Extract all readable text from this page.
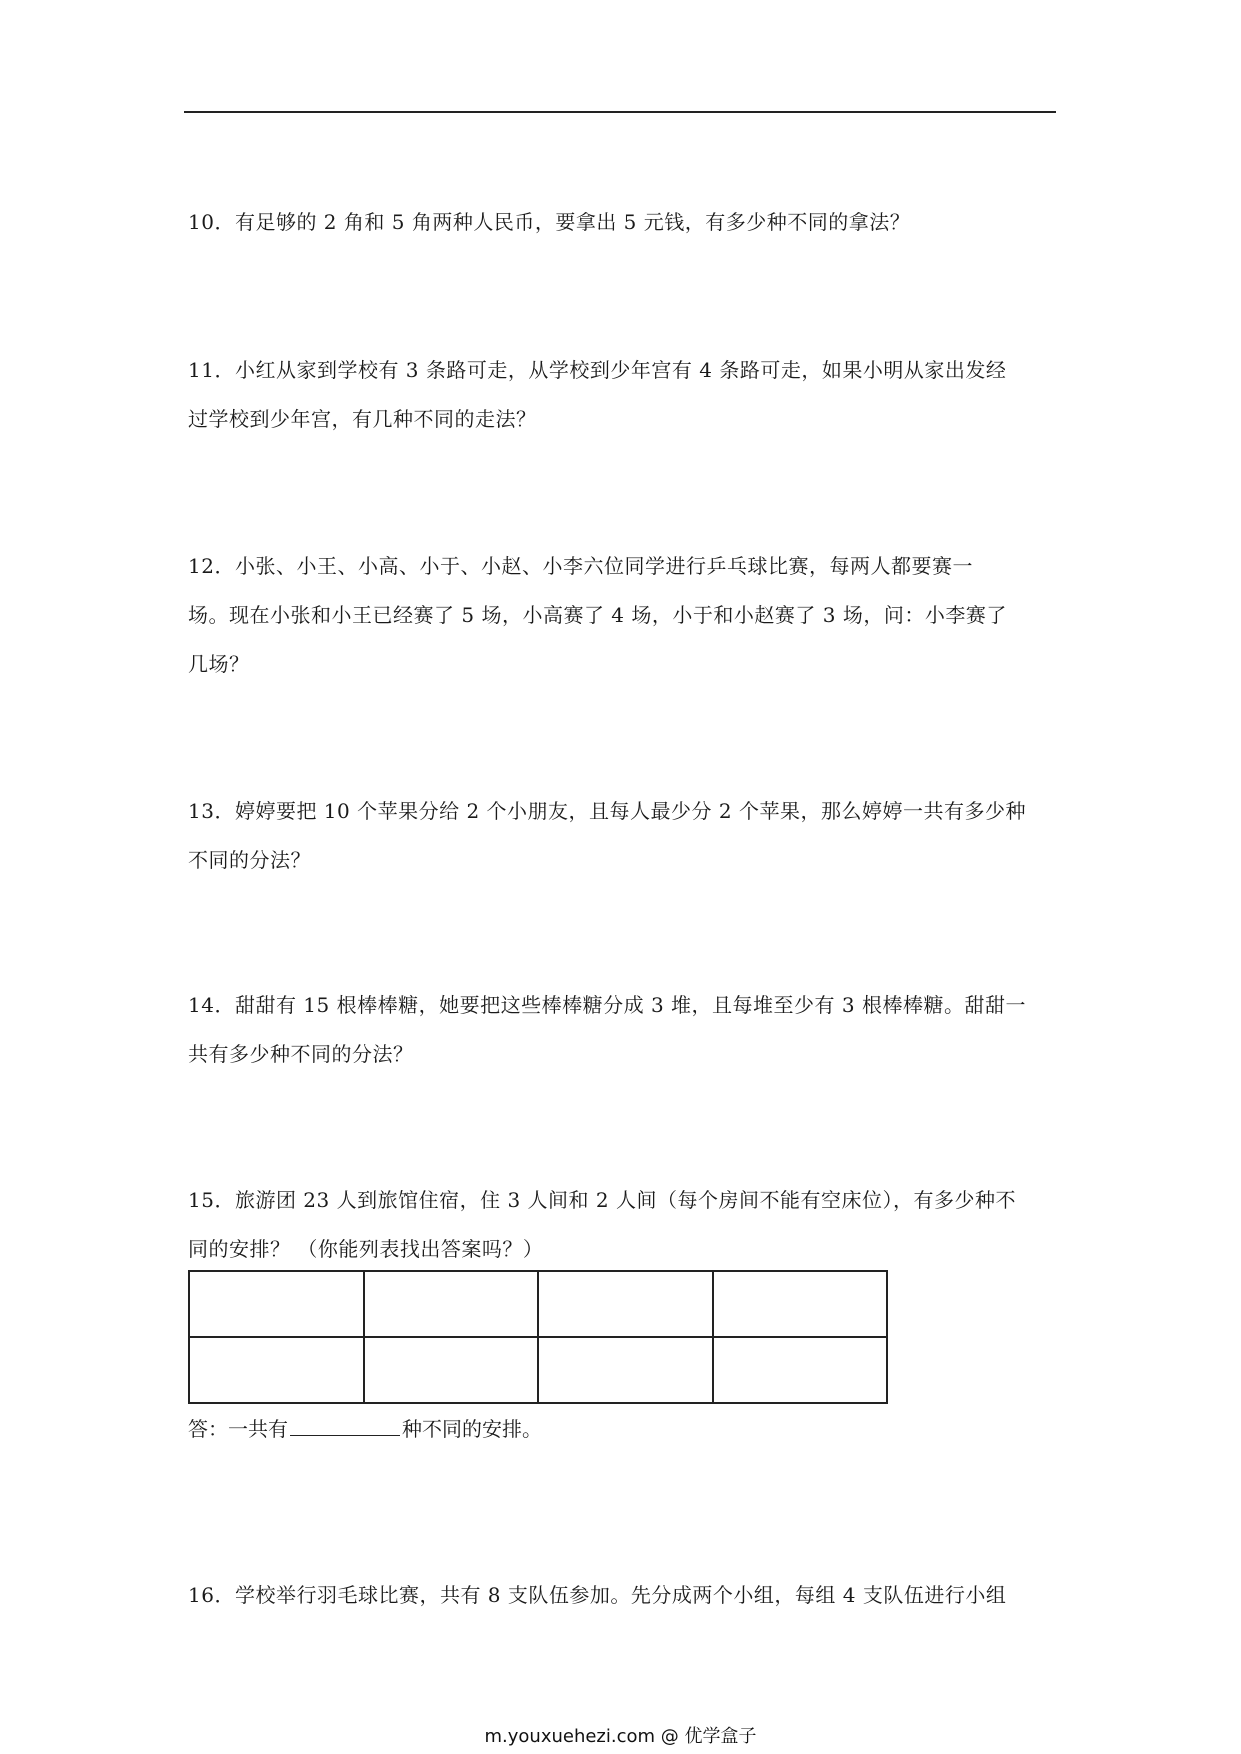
10．有足够的 2 角和 5 角两种人民币，要拿出 5 元钱，有多少种不同的拿法？
11．小红从家到学校有 3 条路可走，从学校到少年宫有 4 条路可走，如果小明从家出发经
过学校到少年宫，有几种不同的走法？
12．小张、小王、小高、小于、小赵、小李六位同学进行乒乓球比赛，每两人都要赛一
场。现在小张和小王已经赛了 5 场，小高赛了 4 场，小于和小赵赛了 3 场，问：小李赛了
几场？
13．婷婷要把 10 个苹果分给 2 个小朋友，且每人最少分 2 个苹果，那么婷婷一共有多少种
不同的分法？
14．甜甜有 15 根棒棒糖，她要把这些棒棒糖分成 3 堆，且每堆至少有 3 根棒棒糖。甜甜一
共有多少种不同的分法？
15．旅游团 23 人到旅馆住宿，住 3 人间和 2 人间（每个房间不能有空床位），有多少种不
同的安排？ （你能列表找出答案吗？）

答：一共有	种不同的安排。
16．学校举行羽毛球比赛，共有 8 支队伍参加。先分成两个小组，每组 4 支队伍进行小组
m.youxuehezi.com @ 优学盒子
